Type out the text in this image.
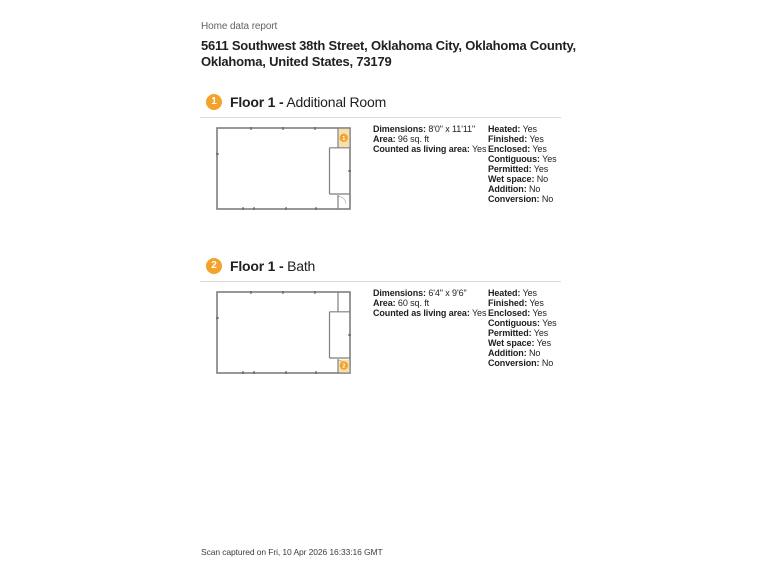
Home data report
5611 Southwest 38th Street, Oklahoma City, Oklahoma County, Oklahoma, United States, 73179
1 Floor 1 - Additional Room
1
Dimensions: 8'0" x 11'11"
Area: 96 sq. ft
Counted as living area: Yes
Heated: Yes
Finished: Yes
Enclosed: Yes
Contiguous: Yes
Permitted: Yes
Wet space: No
Addition: No
Conversion: No
2 Floor 1 - Bath
2
Dimensions: 6'4" x 9'6"
Area: 60 sq. ft
Counted as living area: Yes
Heated: Yes
Finished: Yes
Enclosed: Yes
Contiguous: Yes
Permitted: Yes
Wet space: Yes
Addition: No
Conversion: No
Scan captured on Fri, 10 Apr 2026 16:33:16 GMT
